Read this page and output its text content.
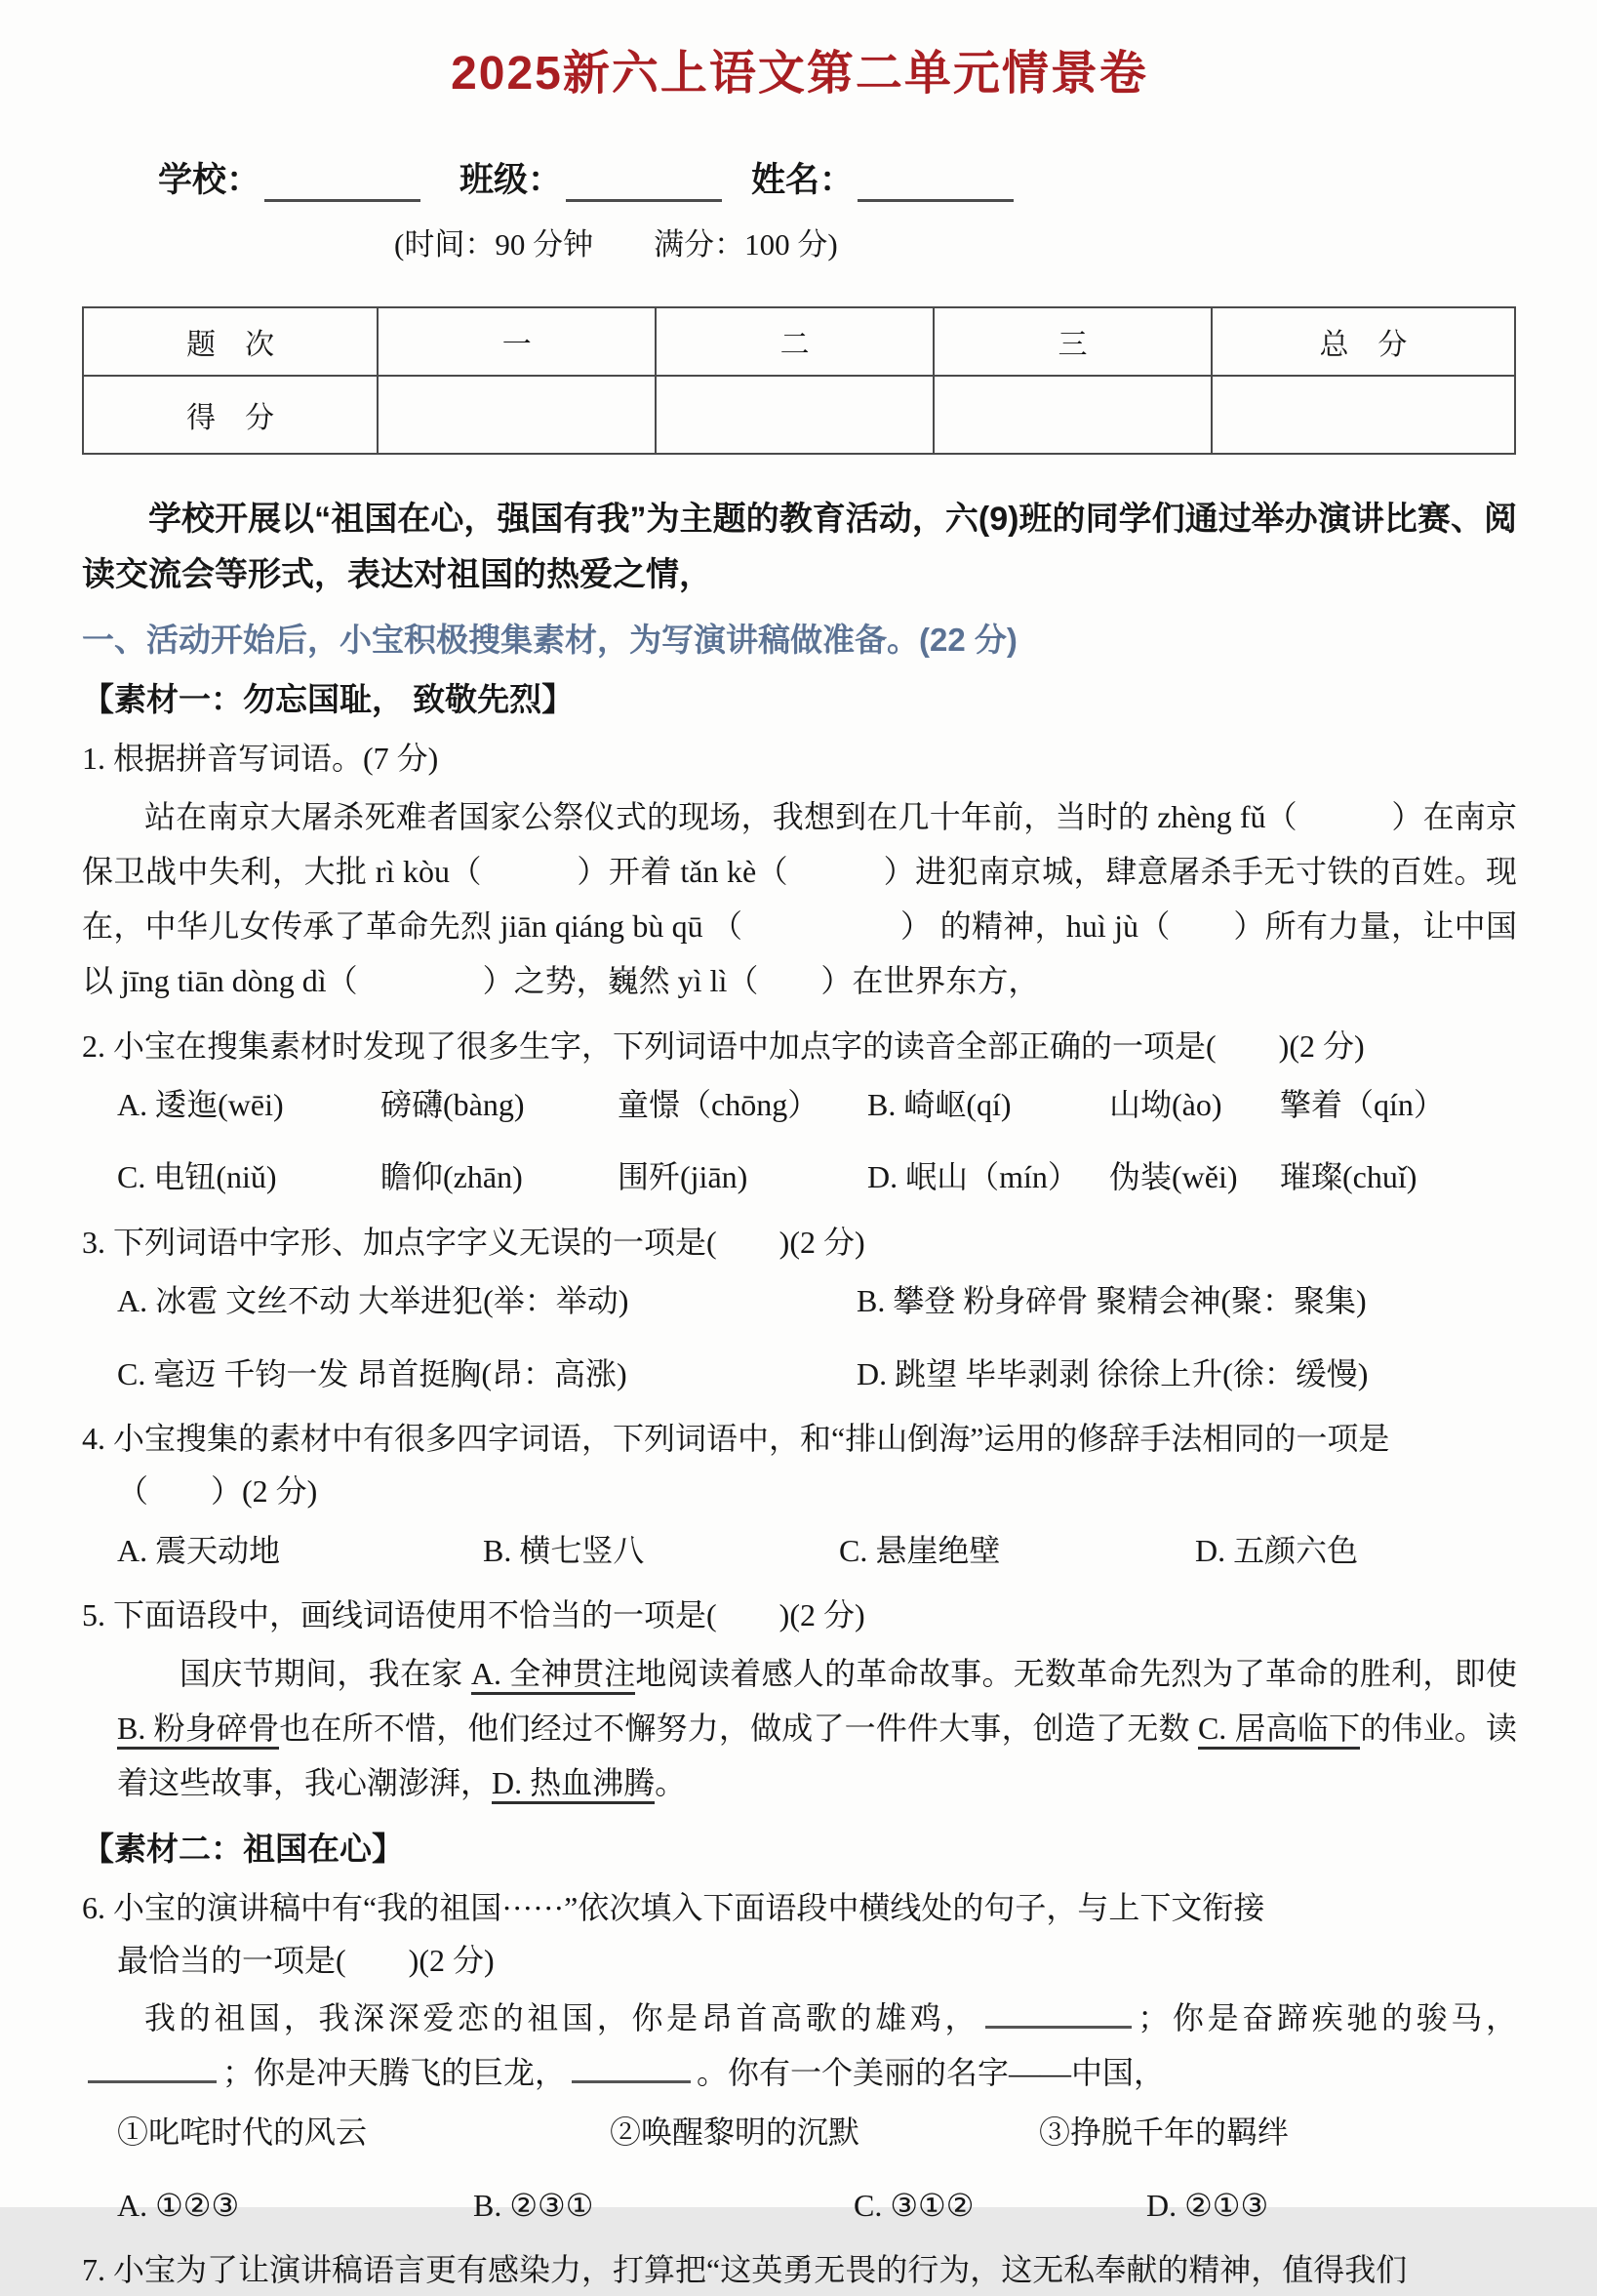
2025新六上语文第二单元情景卷
学校：	班级：	姓名：
(时间：90 分钟　　满分：100 分)
题　次	一	二	三	总　分
得　分				
学校开展以“祖国在心，强国有我”为主题的教育活动，六(9)班的同学们通过举办演讲比赛、阅读交流会等形式，表达对祖国的热爱之情，
一、活动开始后，小宝积极搜集素材，为写演讲稿做准备。(22 分)
【素材一：勿忘国耻， 致敬先烈】
1. 根据拼音写词语。(7 分)
站在南京大屠杀死难者国家公祭仪式的现场，我想到在几十年前，当时的 zhèng fǔ（　　　）在南京保卫战中失利，大批 rì kòu（　　　）开着 tǎn kè（　　　）进犯南京城，肆意屠杀手无寸铁的百姓。现在，中华儿女传承了革命先烈 jiān qiáng bù qū （　　　　　） 的精神，huì jù（　　）所有力量，让中国以 jīng tiān dòng dì（　　　　）之势，巍然 yì lì（　　）在世界东方，
2. 小宝在搜集素材时发现了很多生字，下列词语中加点字的读音全部正确的一项是(　　)(2 分)
A. 逶迤(wēi)	磅礴(bàng)	童憬（chōng）	B. 崎岖(qí)	山坳(ào)	擎着（qín）
C. 电钮(niǔ)	瞻仰(zhān)	围歼(jiān)	D. 岷山（mín） 伪装(wěi)	璀璨(chuǐ)
3. 下列词语中字形、加点字字义无误的一项是(　　)(2 分)
A. 冰雹 文丝不动 大举进犯(举：举动)	B. 攀登 粉身碎骨 聚精会神(聚：聚集)
C. 毫迈 千钧一发 昂首挺胸(昂：高涨)	D. 跳望 毕毕剥剥 徐徐上升(徐：缓慢)
4. 小宝搜集的素材中有很多四字词语，下列词语中，和“排山倒海”运用的修辞手法相同的一项是
（　　）(2 分)
A. 震天动地	B. 横七竖八	C. 悬崖绝壁	D. 五颜六色
5. 下面语段中，画线词语使用不恰当的一项是(　　)(2 分)
国庆节期间，我在家 A. 全神贯注地阅读着感人的革命故事。无数革命先烈为了革命的胜利，即使 B. 粉身碎骨也在所不惜，他们经过不懈努力，做成了一件件大事，创造了无数 C. 居高临下的伟业。读着这些故事，我心潮澎湃，D. 热血沸腾。
【素材二：祖国在心】
6. 小宝的演讲稿中有“我的祖国······”依次填入下面语段中横线处的句子，与上下文衔接
最恰当的一项是(　　)(2 分)
我的祖国，我深深爱恋的祖国，你是昂首高歌的雄鸡，	；你是奋蹄疾驰的骏马，；你是冲天腾飞的巨龙，	。你有一个美丽的名字——中国，
①叱咤时代的风云	②唤醒黎明的沉默	③挣脱千年的羁绊
A. ①②③	B. ②③①	C. ③①②	D. ②①③
7. 小宝为了让演讲稿语言更有感染力，打算把“这英勇无畏的行为，这无私奉献的精神，值得我们
